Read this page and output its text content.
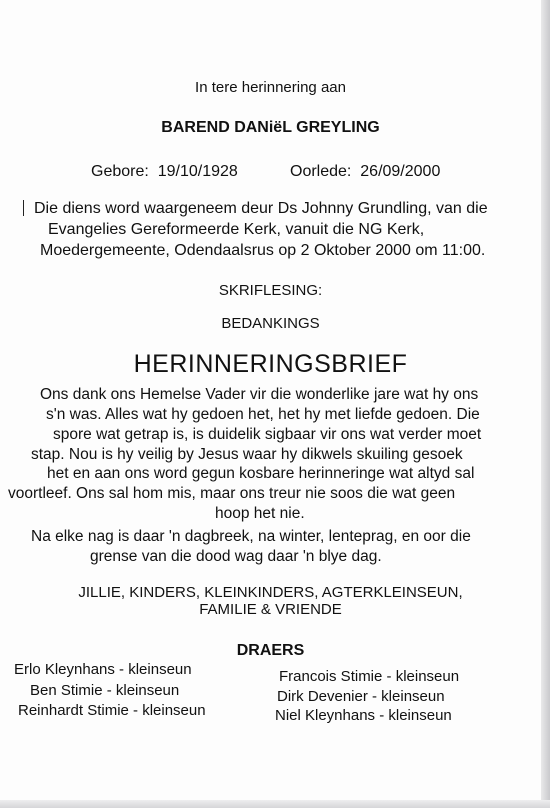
In tere herinnering aan
BAREND DANiëL GREYLING
Gebore: 19/10/1928	Oorlede: 26/09/2000
Die diens word waargeneem deur Ds Johnny Grundling, van die
Evangelies Gereformeerde Kerk, vanuit die NG Kerk,
Moedergemeente, Odendaalsrus op 2 Oktober 2000 om 11:00.
SKRIFLESING:
BEDANKINGS
HERINNERINGSBRIEF
Ons dank ons Hemelse Vader vir die wonderlike jare wat hy ons
s'n was. Alles wat hy gedoen het, het hy met liefde gedoen. Die
spore wat getrap is, is duidelik sigbaar vir ons wat verder moet
stap. Nou is hy veilig by Jesus waar hy dikwels skuiling gesoek
het en aan ons word gegun kosbare herinneringe wat altyd sal
voortleef. Ons sal hom mis, maar ons treur nie soos die wat geen
hoop het nie.
Na elke nag is daar 'n dagbreek, na winter, lenteprag, en oor die
grense van die dood wag daar 'n blye dag.
JILLIE, KINDERS, KLEINKINDERS, AGTERKLEINSEUN,
FAMILIE & VRIENDE
DRAERS
Erlo Kleynhans - kleinseun
Ben Stimie - kleinseun
Reinhardt Stimie - kleinseun
Francois Stimie - kleinseun
Dirk Devenier - kleinseun
Niel Kleynhans - kleinseun
